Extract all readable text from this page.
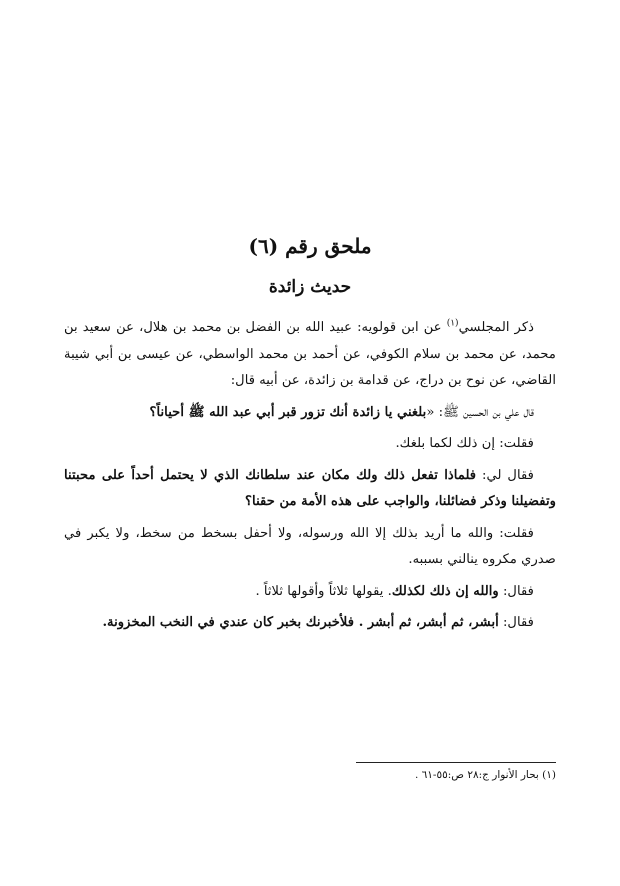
ملحق رقم (٦)
حديث زائدة

ذكر المجلسي$^{(١)}$ عن ابن قولويه: عبيد الله بن الفضل بن محمد بن هلال، عن سعيد بن محمد، عن محمد بن سلام الكوفي، عن أحمد بن محمد الواسطي، عن عيسى بن أبي شيبة القاضي، عن نوح بن دراج، عن قدامة بن زائدة، عن أبيه قال:

قال علي بن الحسين ﷺ: «بلغني يا زائدة أنك تزور قبر أبي عبد الله ﷺ أحياناً؟

فقلت: إن ذلك لكما بلغك.

فقال لي: فلماذا تفعل ذلك ولك مكان عند سلطانك الذي لا يحتمل أحداً على محبتنا وتفضيلنا وذكر فضائلنا، والواجب على هذه الأمة من حقنا؟

فقلت: والله ما أريد بذلك إلا الله ورسوله، ولا أحفل بسخط من سخط، ولا يكبر في صدري مكروه ينالني بسببه.

فقال: والله إن ذلك لكذلك. يقولها ثلاثاً وأقولها ثلاثاً .

فقال: أبشر، ثم أبشر، ثم أبشر . فلأخبرنك بخبر كان عندي في النخب المخزونة.

(١) بحار الأنوار ج:٢٨ ص:٥٥-٦١ .
